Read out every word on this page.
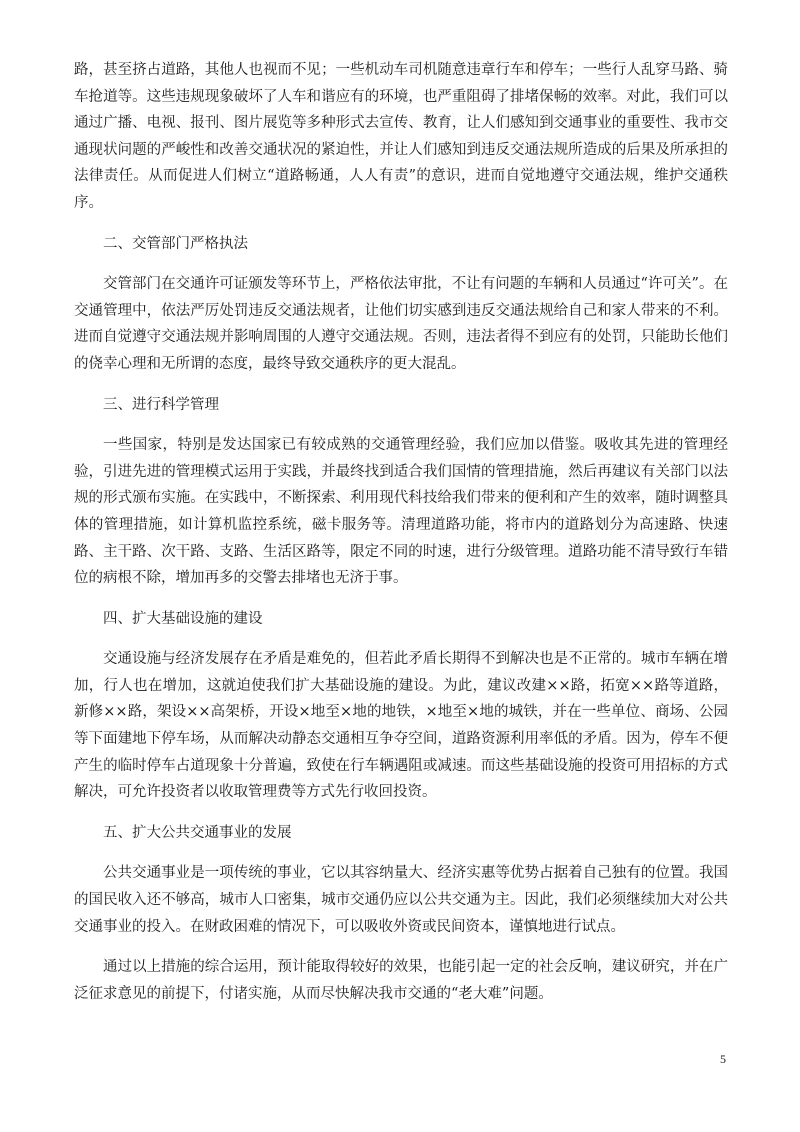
路，甚至挤占道路，其他人也视而不见；一些机动车司机随意违章行车和停车；一些行人乱穿马路、骑车抢道等。这些违规现象破坏了人车和谐应有的环境，也严重阻碍了排堵保畅的效率。对此，我们可以通过广播、电视、报刊、图片展览等多种形式去宣传、教育，让人们感知到交通事业的重要性、我市交通现状问题的严峻性和改善交通状况的紧迫性，并让人们感知到违反交通法规所造成的后果及所承担的法律责任。从而促进人们树立“道路畅通，人人有责”的意识，进而自觉地遵守交通法规，维护交通秩序。

二、交管部门严格执法

交管部门在交通许可证颁发等环节上，严格依法审批，不让有问题的车辆和人员通过“许可关”。在交通管理中，依法严厉处罚违反交通法规者，让他们切实感到违反交通法规给自己和家人带来的不利。进而自觉遵守交通法规并影响周围的人遵守交通法规。否则，违法者得不到应有的处罚，只能助长他们的侥幸心理和无所谓的态度，最终导致交通秩序的更大混乱。

三、进行科学管理

一些国家，特别是发达国家已有较成熟的交通管理经验，我们应加以借鉴。吸收其先进的管理经验，引进先进的管理模式运用于实践，并最终找到适合我们国情的管理措施，然后再建议有关部门以法规的形式颁布实施。在实践中，不断探索、利用现代科技给我们带来的便利和产生的效率，随时调整具体的管理措施，如计算机监控系统，磁卡服务等。清理道路功能，将市内的道路划分为高速路、快速路、主干路、次干路、支路、生活区路等，限定不同的时速，进行分级管理。道路功能不清导致行车错位的病根不除，增加再多的交警去排堵也无济于事。

四、扩大基础设施的建设

交通设施与经济发展存在矛盾是难免的，但若此矛盾长期得不到解决也是不正常的。城市车辆在增加，行人也在增加，这就迫使我们扩大基础设施的建设。为此，建议改建××路，拓宽××路等道路，新修××路，架设××高架桥，开设×地至×地的地铁，×地至×地的城铁，并在一些单位、商场、公园等下面建地下停车场，从而解决动静态交通相互争夺空间，道路资源利用率低的矛盾。因为，停车不便产生的临时停车占道现象十分普遍，致使在行车辆遇阻或减速。而这些基础设施的投资可用招标的方式解决，可允许投资者以收取管理费等方式先行收回投资。

五、扩大公共交通事业的发展

公共交通事业是一项传统的事业，它以其容纳量大、经济实惠等优势占据着自己独有的位置。我国的国民收入还不够高，城市人口密集，城市交通仍应以公共交通为主。因此，我们必须继续加大对公共交通事业的投入。在财政困难的情况下，可以吸收外资或民间资本，谨慎地进行试点。

通过以上措施的综合运用，预计能取得较好的效果，也能引起一定的社会反响，建议研究，并在广泛征求意见的前提下，付诸实施，从而尽快解决我市交通的“老大难”问题。

5
